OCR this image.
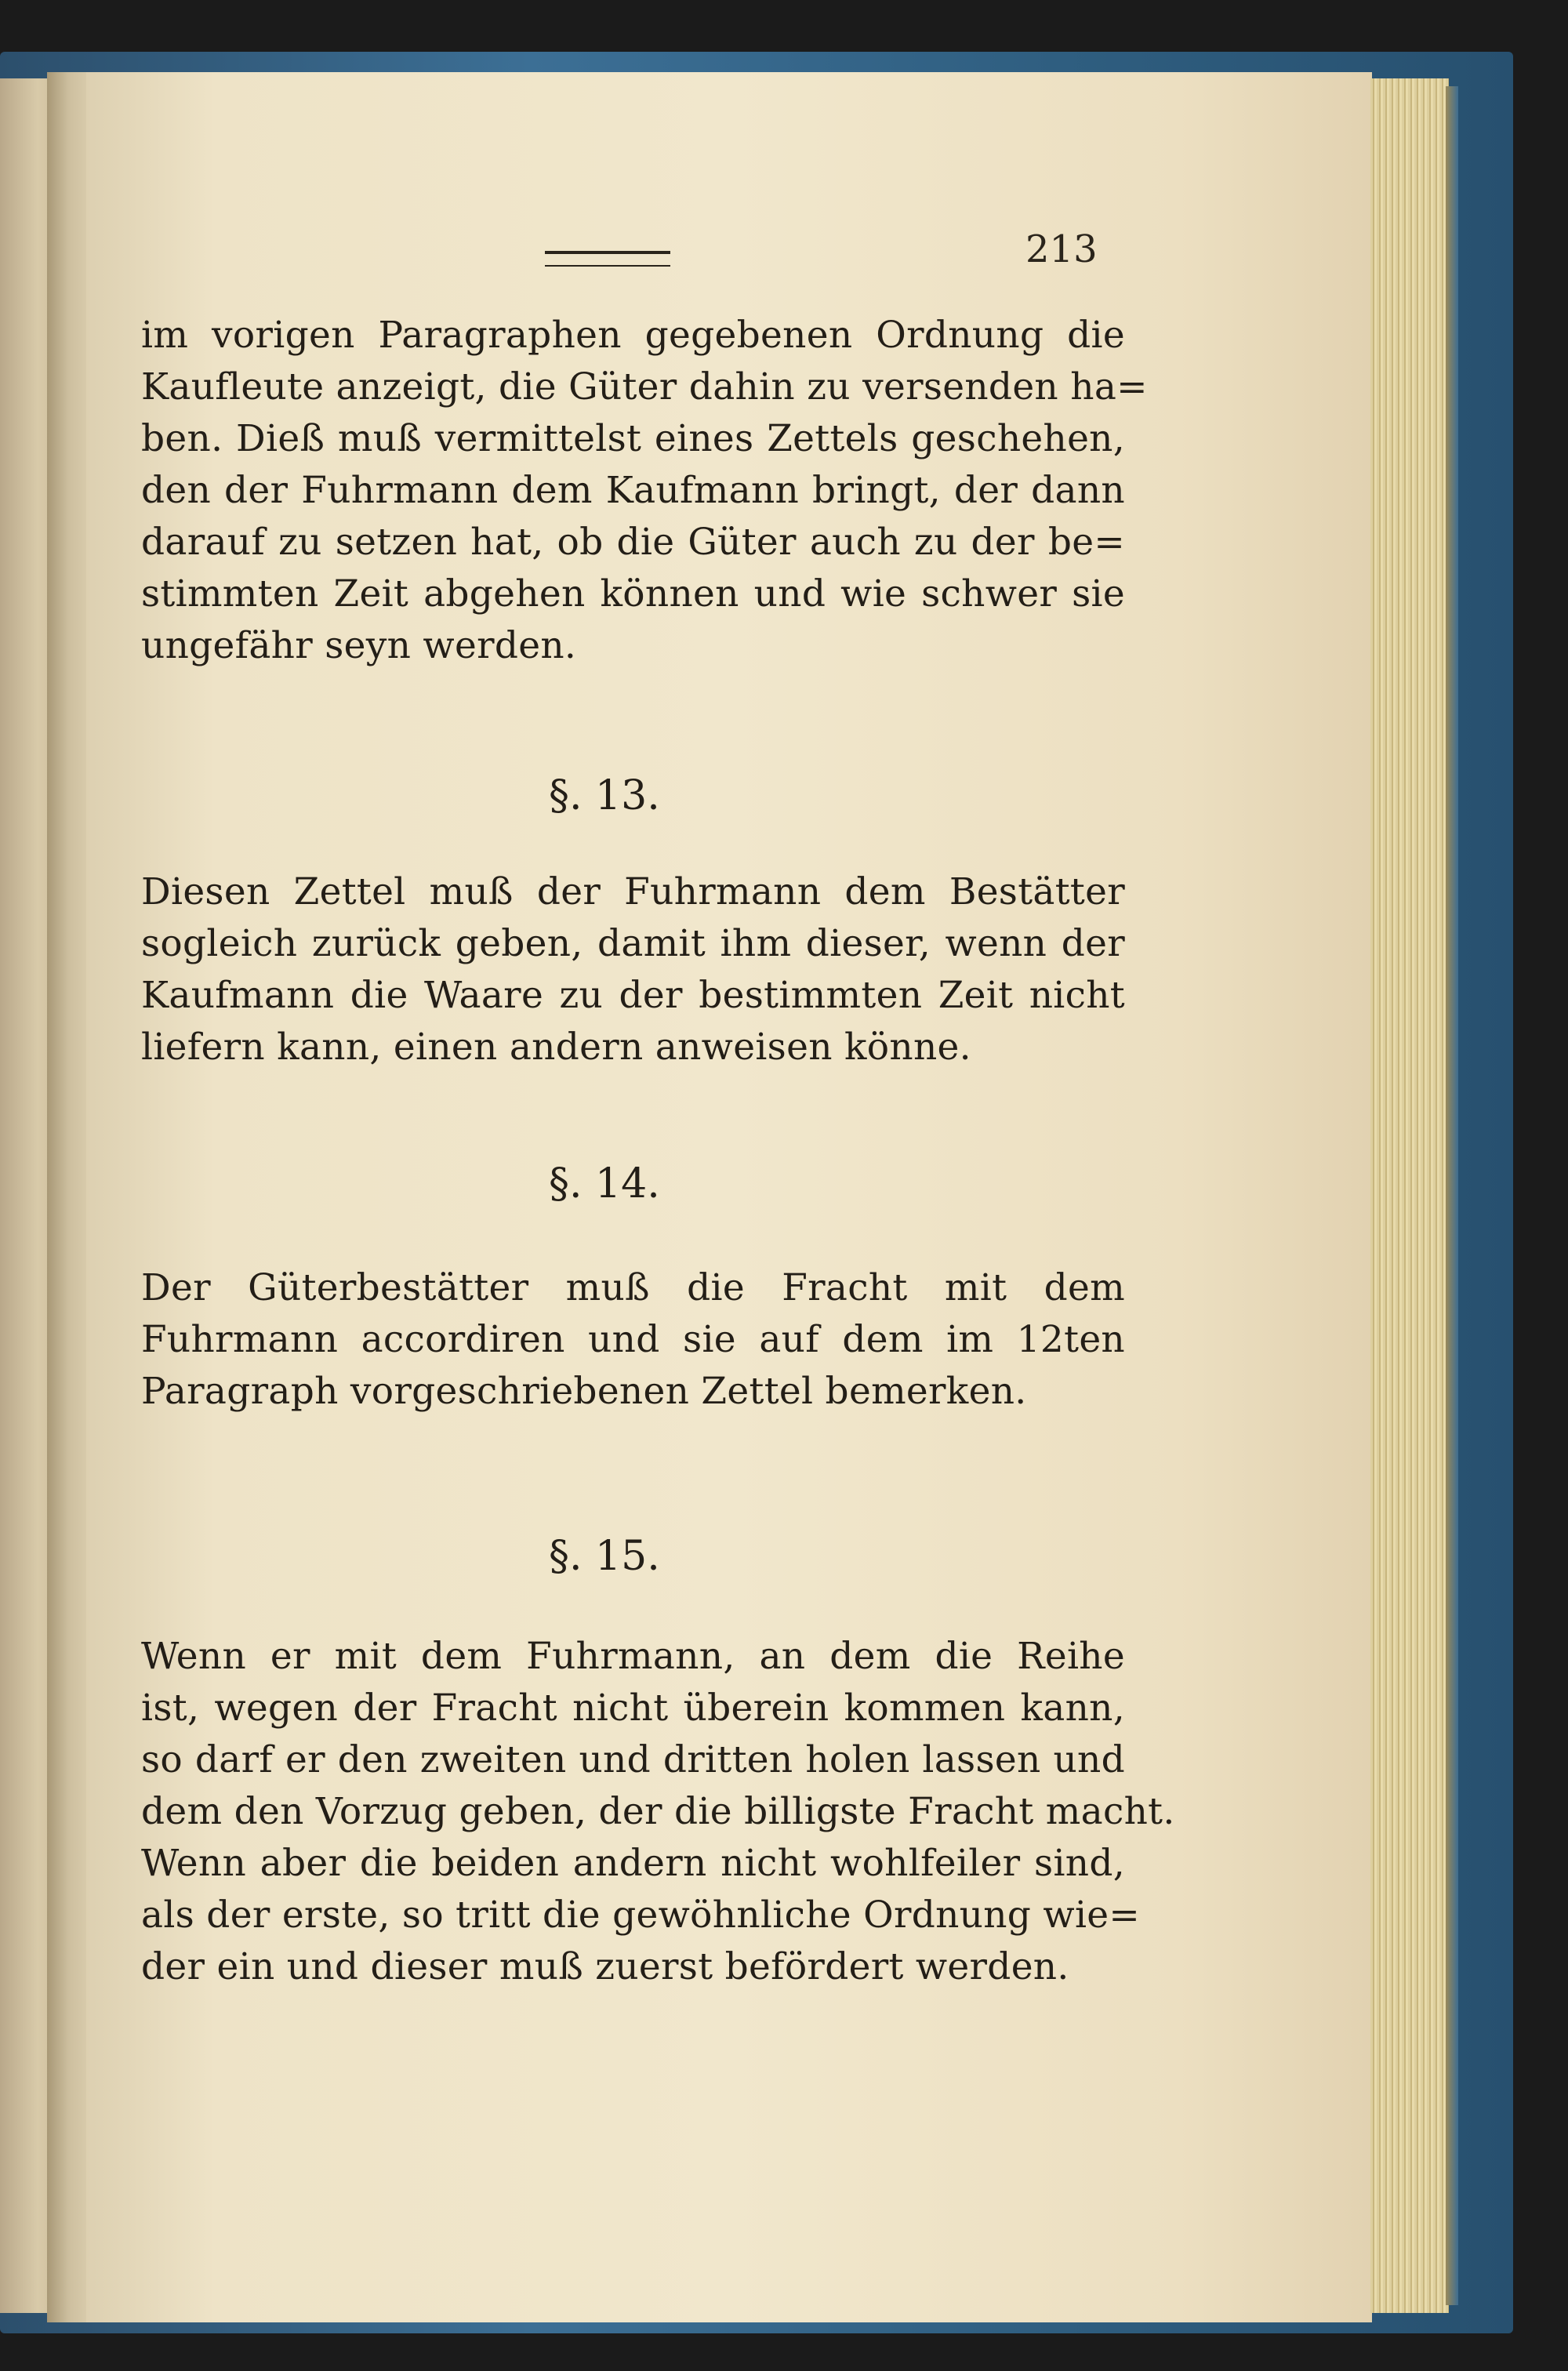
213
im vorigen Paragraphen gegebenen Ordnung die
Kaufleute anzeigt, die Güter dahin zu versenden ha=
ben. Dieß muß vermittelst eines Zettels geschehen,
den der Fuhrmann dem Kaufmann bringt, der dann
darauf zu setzen hat, ob die Güter auch zu der be=
stimmten Zeit abgehen können und wie schwer sie
ungefähr seyn werden.
§. 13.
Diesen Zettel muß der Fuhrmann dem Bestätter
sogleich zurück geben, damit ihm dieser, wenn der
Kaufmann die Waare zu der bestimmten Zeit nicht
liefern kann, einen andern anweisen könne.
§. 14.
Der Güterbestätter muß die Fracht mit dem
Fuhrmann accordiren und sie auf dem im 12ten
Paragraph vorgeschriebenen Zettel bemerken.
§. 15.
Wenn er mit dem Fuhrmann, an dem die Reihe
ist, wegen der Fracht nicht überein kommen kann,
so darf er den zweiten und dritten holen lassen und
dem den Vorzug geben, der die billigste Fracht macht.
Wenn aber die beiden andern nicht wohlfeiler sind,
als der erste, so tritt die gewöhnliche Ordnung wie=
der ein und dieser muß zuerst befördert werden.
